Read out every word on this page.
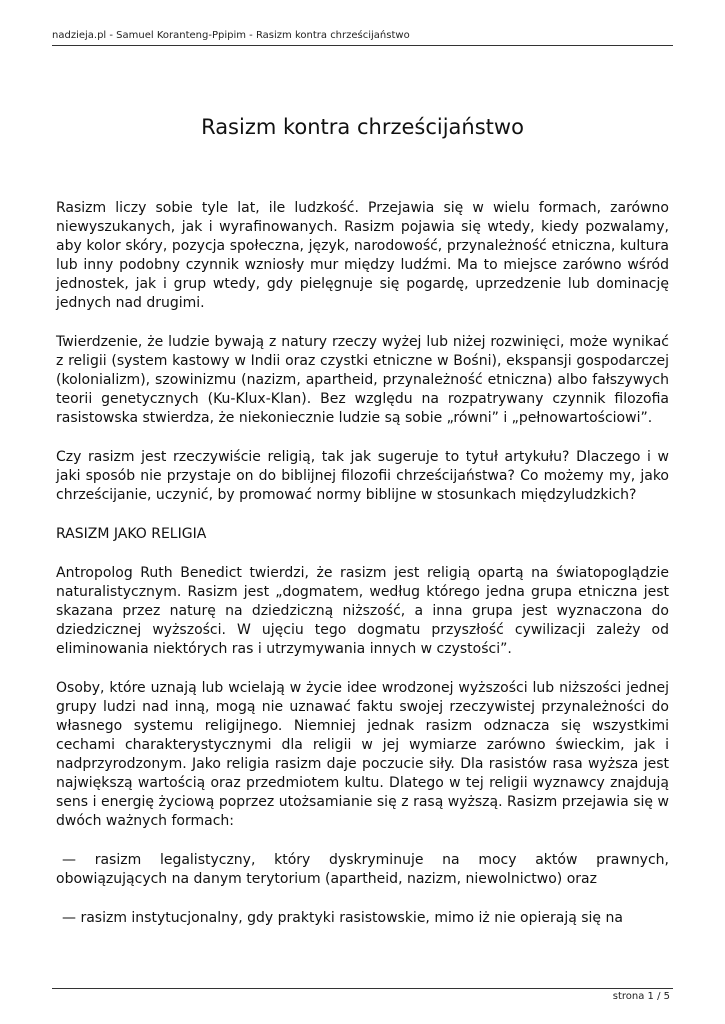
nadzieja.pl - Samuel Koranteng-Ppipim - Rasizm kontra chrześcijaństwo
Rasizm kontra chrześcijaństwo

Rasizm liczy sobie tyle lat, ile ludzkość. Przejawia się w wielu formach, zarówno niewyszukanych, jak i wyrafinowanych. Rasizm pojawia się wtedy, kiedy pozwalamy, aby kolor skóry, pozycja społeczna, język, narodowość, przynależność etniczna, kultura lub inny podobny czynnik wzniosły mur między ludźmi. Ma to miejsce zarówno wśród jednostek, jak i grup wtedy, gdy pielęgnuje się pogardę, uprzedzenie lub dominację jednych nad drugimi.

Twierdzenie, że ludzie bywają z natury rzeczy wyżej lub niżej rozwinięci, może wynikać z religii (system kastowy w Indii oraz czystki etniczne w Bośni), ekspansji gospodarczej (kolonializm), szowinizmu (nazizm, apartheid, przynależność etniczna) albo fałszywych teorii genetycznych (Ku-Klux-Klan). Bez względu na rozpatrywany czynnik filozofia rasistowska stwierdza, że niekoniecznie ludzie są sobie „równi” i „pełnowartościowi”.

Czy rasizm jest rzeczywiście religią, tak jak sugeruje to tytuł artykułu? Dlaczego i w jaki sposób nie przystaje on do biblijnej filozofii chrześcijaństwa? Co możemy my, jako chrześcijanie, uczynić, by promować normy biblijne w stosunkach międzyludzkich?

RASIZM JAKO RELIGIA

Antropolog Ruth Benedict twierdzi, że rasizm jest religią opartą na światopoglądzie naturalistycznym. Rasizm jest „dogmatem, według którego jedna grupa etniczna jest skazana przez naturę na dziedziczną niższość, a inna grupa jest wyznaczona do dziedzicznej wyższości. W ujęciu tego dogmatu przyszłość cywilizacji zależy od eliminowania niektórych ras i utrzymywania innych w czystości”.

Osoby, które uznają lub wcielają w życie idee wrodzonej wyższości lub niższości jednej grupy ludzi nad inną, mogą nie uznawać faktu swojej rzeczywistej przynależności do własnego systemu religijnego. Niemniej jednak rasizm odznacza się wszystkimi cechami charakterystycznymi dla religii w jej wymiarze zarówno świeckim, jak i nadprzyrodzonym. Jako religia rasizm daje poczucie siły. Dla rasistów rasa wyższa jest największą wartością oraz przedmiotem kultu. Dlatego w tej religii wyznawcy znajdują sens i energię życiową poprzez utożsamianie się z rasą wyższą. Rasizm przejawia się w dwóch ważnych formach:

— rasizm legalistyczny, który dyskryminuje na mocy aktów prawnych, obowiązujących na danym terytorium (apartheid, nazizm, niewolnictwo) oraz

— rasizm instytucjonalny, gdy praktyki rasistowskie, mimo iż nie opierają się na

strona 1 / 5
